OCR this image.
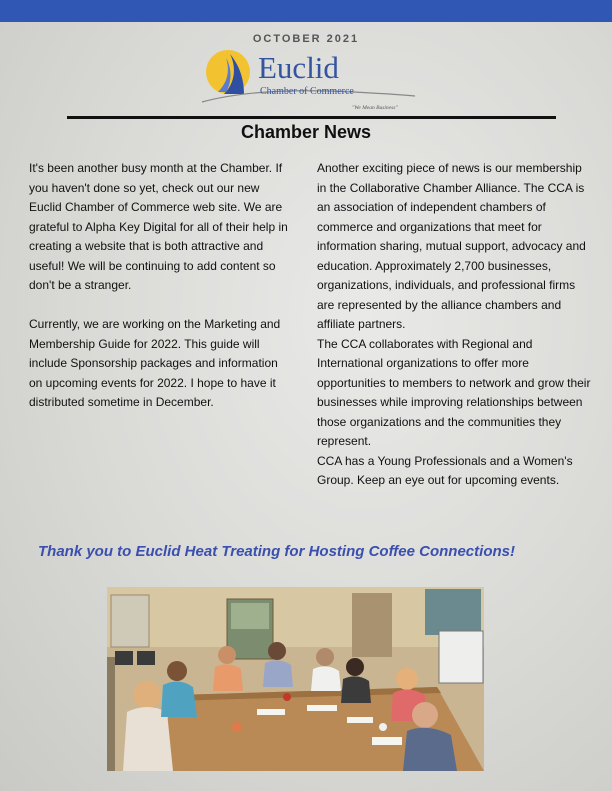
OCTOBER 2021
Euclid
Chamber of Commerce
"We Mean Business"
Chamber News

It's been another busy month at the Chamber. If you haven't done so yet, check out our new Euclid Chamber of Commerce web site. We are grateful to Alpha Key Digital for all of their help in creating a website that is both attractive and useful! We will be continuing to add content so don't be a stranger.

Currently, we are working on the Marketing and Membership Guide for 2022. This guide will include Sponsorship packages and information on upcoming events for 2022. I hope to have it distributed sometime in December.

Another exciting piece of news is our membership in the Collaborative Chamber Alliance. The CCA is an association of independent chambers of commerce and organizations that meet for information sharing, mutual support, advocacy and education. Approximately 2,700 businesses, organizations, individuals, and professional firms are represented by the alliance chambers and affiliate partners.

The CCA collaborates with Regional and International organizations to offer more opportunities to members to network and grow their businesses while improving relationships between those organizations and the communities they represent.

CCA has a Young Professionals and a Women's Group. Keep an eye out for upcoming events.

Thank you to Euclid Heat Treating for Hosting Coffee Connections!
